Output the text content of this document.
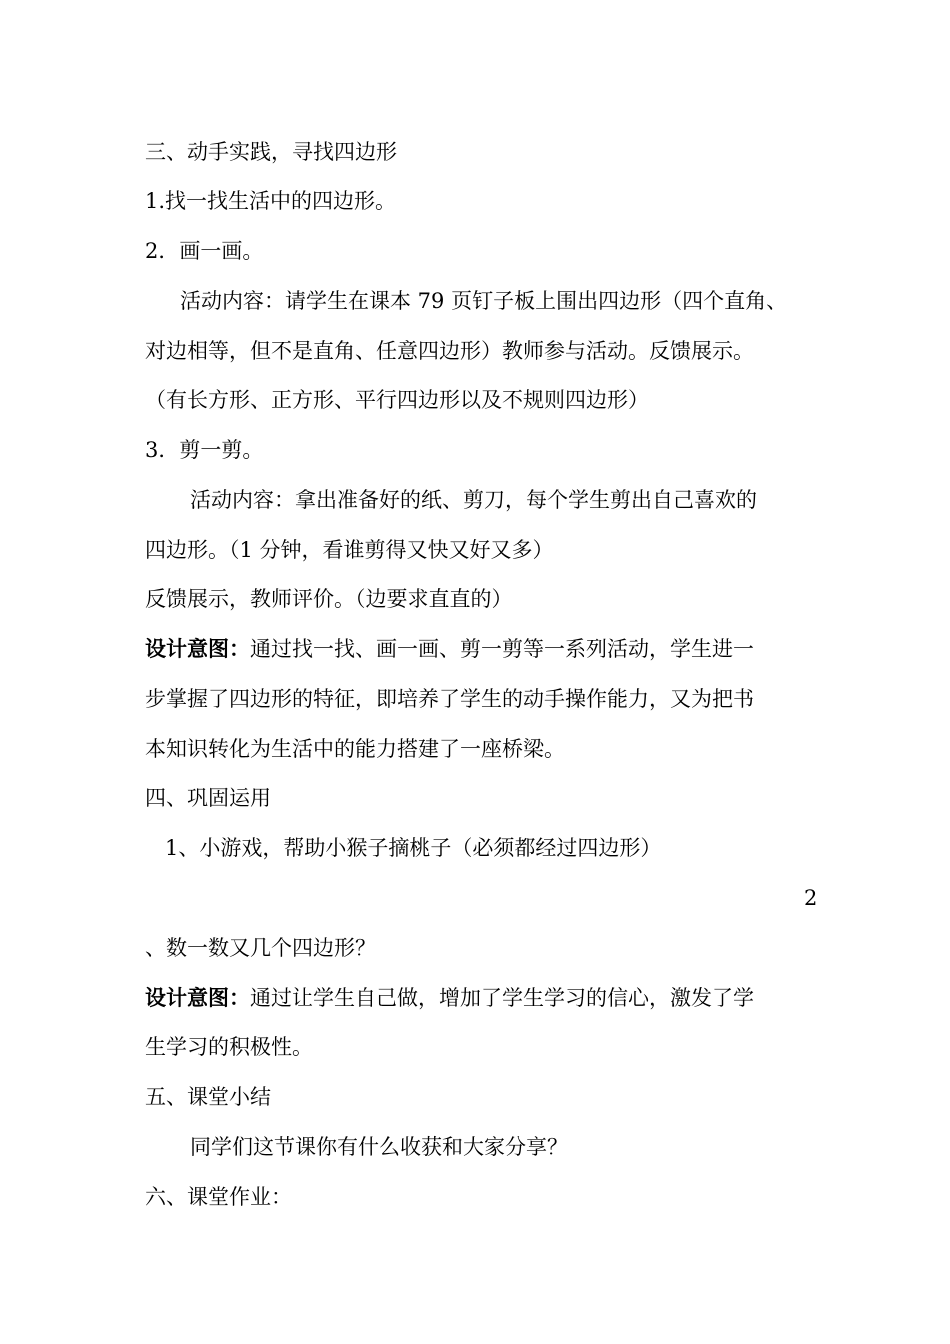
三、动手实践，寻找四边形
1.找一找生活中的四边形。
2．画一画。
活动内容：请学生在课本 79 页钉子板上围出四边形（四个直角、
对边相等，但不是直角、任意四边形）教师参与活动。反馈展示。
（有长方形、正方形、平行四边形以及不规则四边形）
3．剪一剪。
活动内容：拿出准备好的纸、剪刀，每个学生剪出自己喜欢的
四边形。（1 分钟，看谁剪得又快又好又多）
反馈展示，教师评价。（边要求直直的）
设计意图：通过找一找、画一画、剪一剪等一系列活动，学生进一
步掌握了四边形的特征，即培养了学生的动手操作能力，又为把书
本知识转化为生活中的能力搭建了一座桥梁。
四、巩固运用
1、小游戏，帮助小猴子摘桃子（必须都经过四边形）
2
、数一数又几个四边形？
设计意图：通过让学生自己做，增加了学生学习的信心，激发了学
生学习的积极性。
五、课堂小结
同学们这节课你有什么收获和大家分享？
六、课堂作业：
